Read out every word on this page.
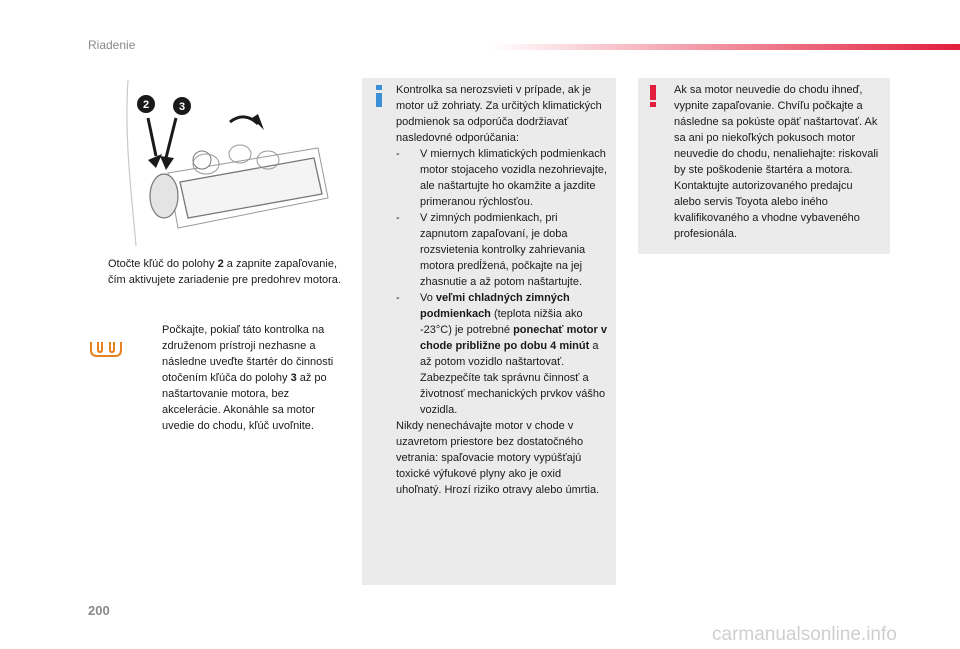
Riadenie
2	3
Otočte kľúč do polohy 2 a zapnite zapaľovanie, čím aktivujete zariadenie pre predohrev motora.
Počkajte, pokiaľ táto kontrolka na združenom prístroji nezhasne a následne uveďte štartér do činnosti otočením kľúča do polohy 3 až po naštartovanie motora, bez akcelerácie. Akonáhle sa motor uvedie do chodu, kľúč uvoľnite.
Kontrolka sa nerozsvieti v prípade, ak je motor už zohriaty. Za určitých klimatických podmienok sa odporúča dodržiavať nasledovné odporúčania:
- V miernych klimatických podmienkach motor stojaceho vozidla nezohrievajte, ale naštartujte ho okamžite a jazdite primeranou rýchlosťou.
- V zimných podmienkach, pri zapnutom zapaľovaní, je doba rozsvietenia kontrolky zahrievania motora predĺžená, počkajte na jej zhasnutie a až potom naštartujte.
- Vo veľmi chladných zimných podmienkach (teplota nižšia ako -23°C) je potrebné ponechať motor v chode približne po dobu 4 minút a až potom vozidlo naštartovať. Zabezpečíte tak správnu činnosť a životnosť mechanických prvkov vášho vozidla.
Nikdy nenechávajte motor v chode v uzavretom priestore bez dostatočného vetrania: spaľovacie motory vypúšťajú toxické výfukové plyny ako je oxid uhoľnatý. Hrozí riziko otravy alebo úmrtia.
Ak sa motor neuvedie do chodu ihneď, vypnite zapaľovanie. Chvíľu počkajte a následne sa pokúste opäť naštartovať. Ak sa ani po niekoľkých pokusoch motor neuvedie do chodu, nenaliehajte: riskovali by ste poškodenie štartéra a motora. Kontaktujte autorizovaného predajcu alebo servis Toyota alebo iného kvalifikovaného a vhodne vybaveného profesionála.
200
carmanualsonline.info
